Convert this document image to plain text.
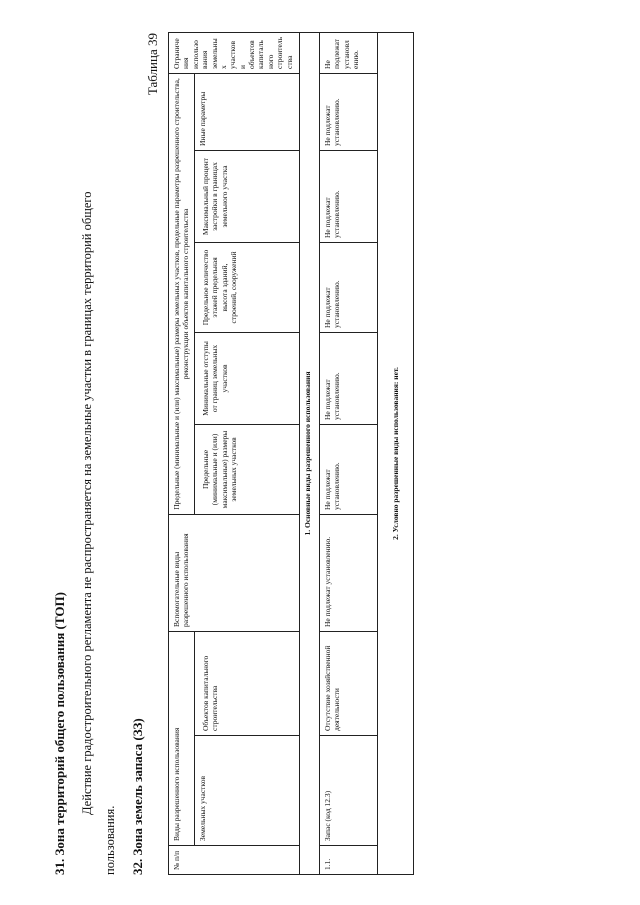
31. Зона территорий общего пользования (ТОП) Действие градостроительного регламента не распространяется на земельные участки в границах территорий общего
пользования. 32. Зона земель запаса (ЗЗ)
Таблица 39
№ п/п	Виды разрешенного использования		Вспомогательные виды разрешенного использования	Предельные (минимальные и (или) максимальные) размеры земельных участков, предельные параметры разрешенного строительства, реконструкции объектов капитального строительства					Ограничения использования земельных участков и объектов капитального строительства
	Земельных участков	Объектов капитального строительства		Предельные (минимальные и (или) максимальные) размеры земельных участков	Минимальные отступы от границ земельных участков	Предельное количество этажей предельная высота зданий, строений, сооружений	Максимальный процент застройки в границах земельного участка	Иные параметры	
1. Основные виды разрешенного использования									
1.1.	Запас (код 12.3)	Отсутствие хозяйственной деятельности	Не подлежат установлению.	Не подлежат установлению.	Не подлежат установлению.	Не подлежат установлению.	Не подлежат установлению.	Не подлежат установлению.	Не подлежат установлению.
2. Условно разрешенные виды использования: нет.									
